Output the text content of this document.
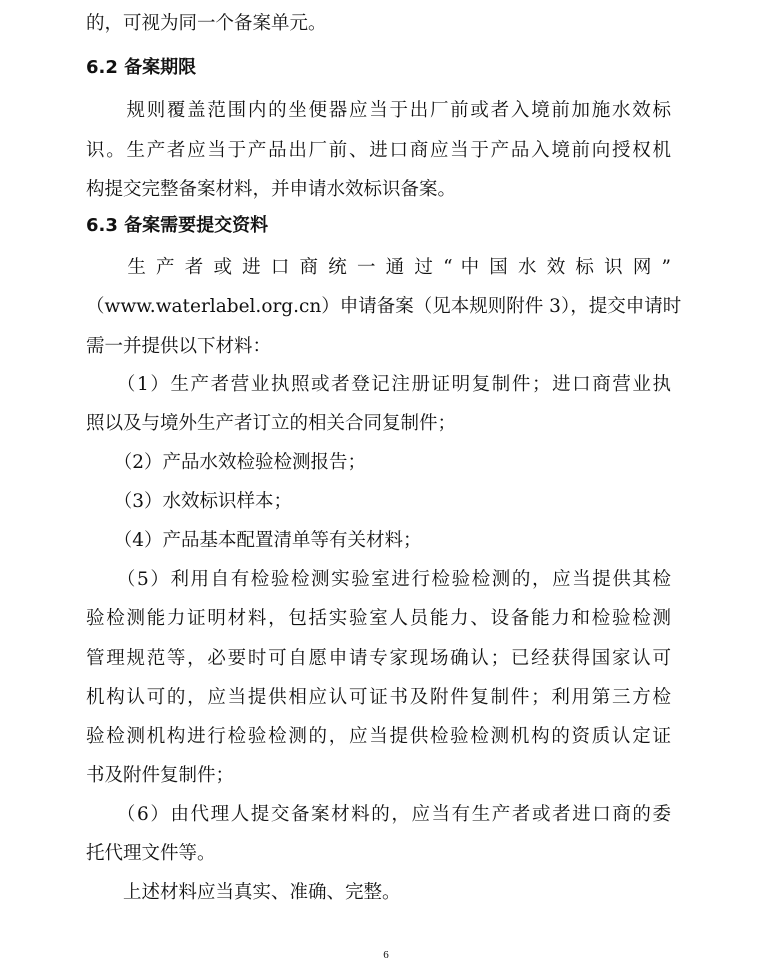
的，可视为同一个备案单元。
6.2 备案期限
　　规则覆盖范围内的坐便器应当于出厂前或者入境前加施水效标
识。生产者应当于产品出厂前、进口商应当于产品入境前向授权机
构提交完整备案材料，并申请水效标识备案。
6.3 备案需要提交资料
　　生 产 者 或 进 口 商 统 一 通 过 “ 中 国 水 效 标 识 网 ”
（www.waterlabel.org.cn）申请备案（见本规则附件 3），提交申请时
需一并提供以下材料：
　　（1）生产者营业执照或者登记注册证明复制件；进口商营业执
照以及与境外生产者订立的相关合同复制件；
　　（2）产品水效检验检测报告；
　　（3）水效标识样本；
　　（4）产品基本配置清单等有关材料；
　　（5）利用自有检验检测实验室进行检验检测的，应当提供其检
验检测能力证明材料，包括实验室人员能力、设备能力和检验检测
管理规范等，必要时可自愿申请专家现场确认；已经获得国家认可
机构认可的，应当提供相应认可证书及附件复制件；利用第三方检
验检测机构进行检验检测的，应当提供检验检测机构的资质认定证
书及附件复制件；
　　（6）由代理人提交备案材料的，应当有生产者或者进口商的委
托代理文件等。
　　上述材料应当真实、准确、完整。
6
